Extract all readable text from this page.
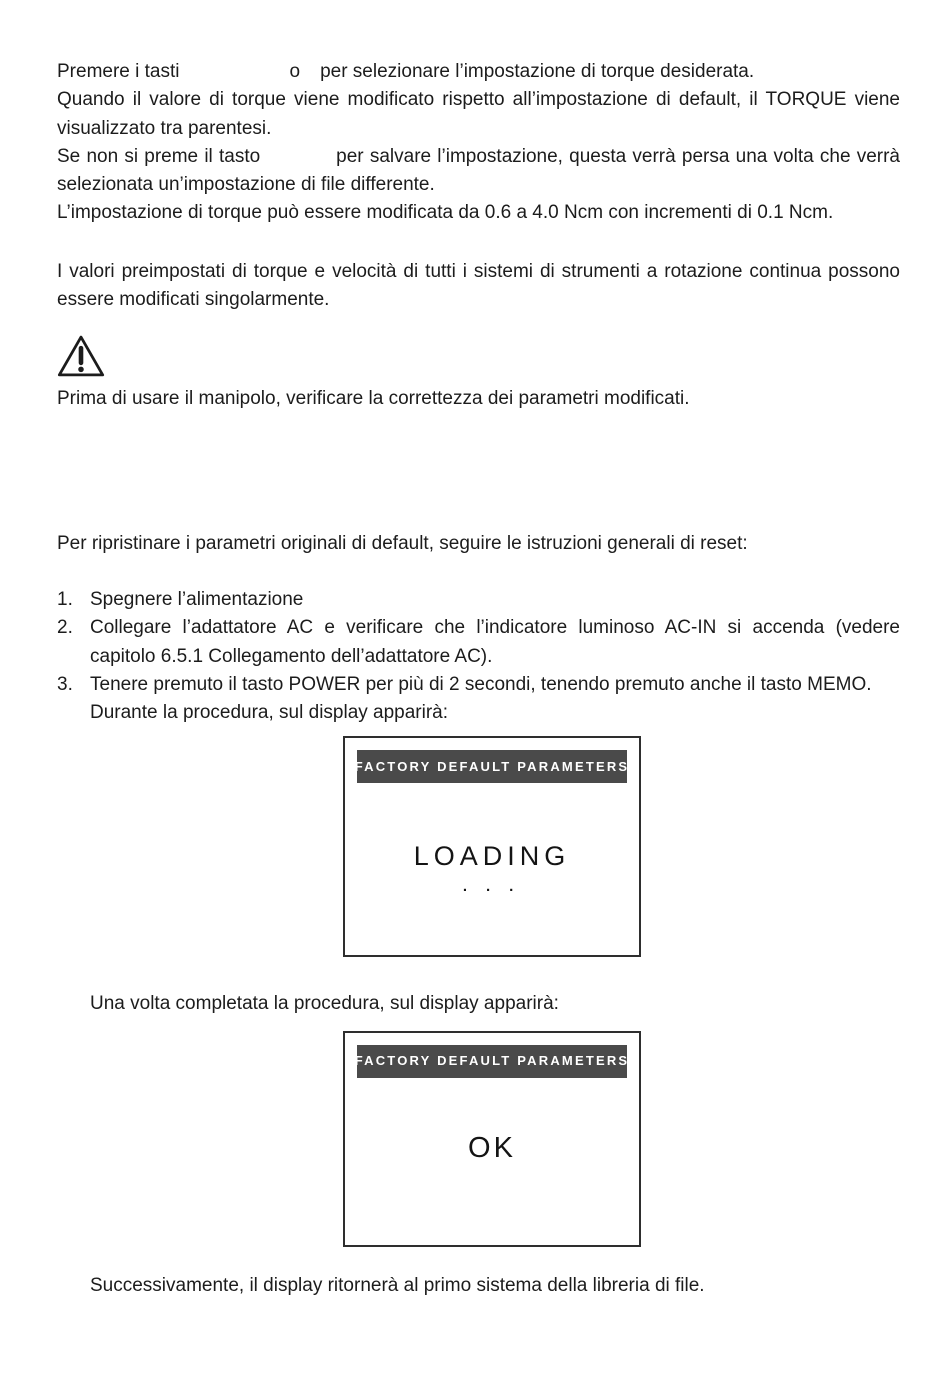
Premere i tasti	o per selezionare l’impostazione di torque desiderata.

Quando il valore di torque viene modificato rispetto all’impostazione di default, il TORQUE viene visualizzato tra parentesi.

Se non si preme il tasto	per salvare l’impostazione, questa verrà persa una volta che verrà selezionata un’impostazione di file differente.

L’impostazione di torque può essere modificata da 0.6 a 4.0 Ncm con incrementi di 0.1 Ncm.

I valori preimpostati di torque e velocità di tutti i sistemi di strumenti a rotazione continua possono essere modificati singolarmente.

Prima di usare il manipolo, verificare la correttezza dei parametri modificati.

Per ripristinare i parametri originali di default, seguire le istruzioni generali di reset:

1. Spegnere l’alimentazione

2. Collegare l’adattatore AC e verificare che l’indicatore luminoso AC-IN si accenda (vedere capitolo 6.5.1 Collegamento dell’adattatore AC).

3. Tenere premuto il tasto POWER per più di 2 secondi, tenendo premuto anche il tasto MEMO.

Durante la procedura, sul display apparirà:

FACTORY DEFAULT PARAMETERS
LOADING
· · ·

Una volta completata la procedura, sul display apparirà:

FACTORY DEFAULT PARAMETERS
OK

Successivamente, il display ritornerà al primo sistema della libreria di file.
